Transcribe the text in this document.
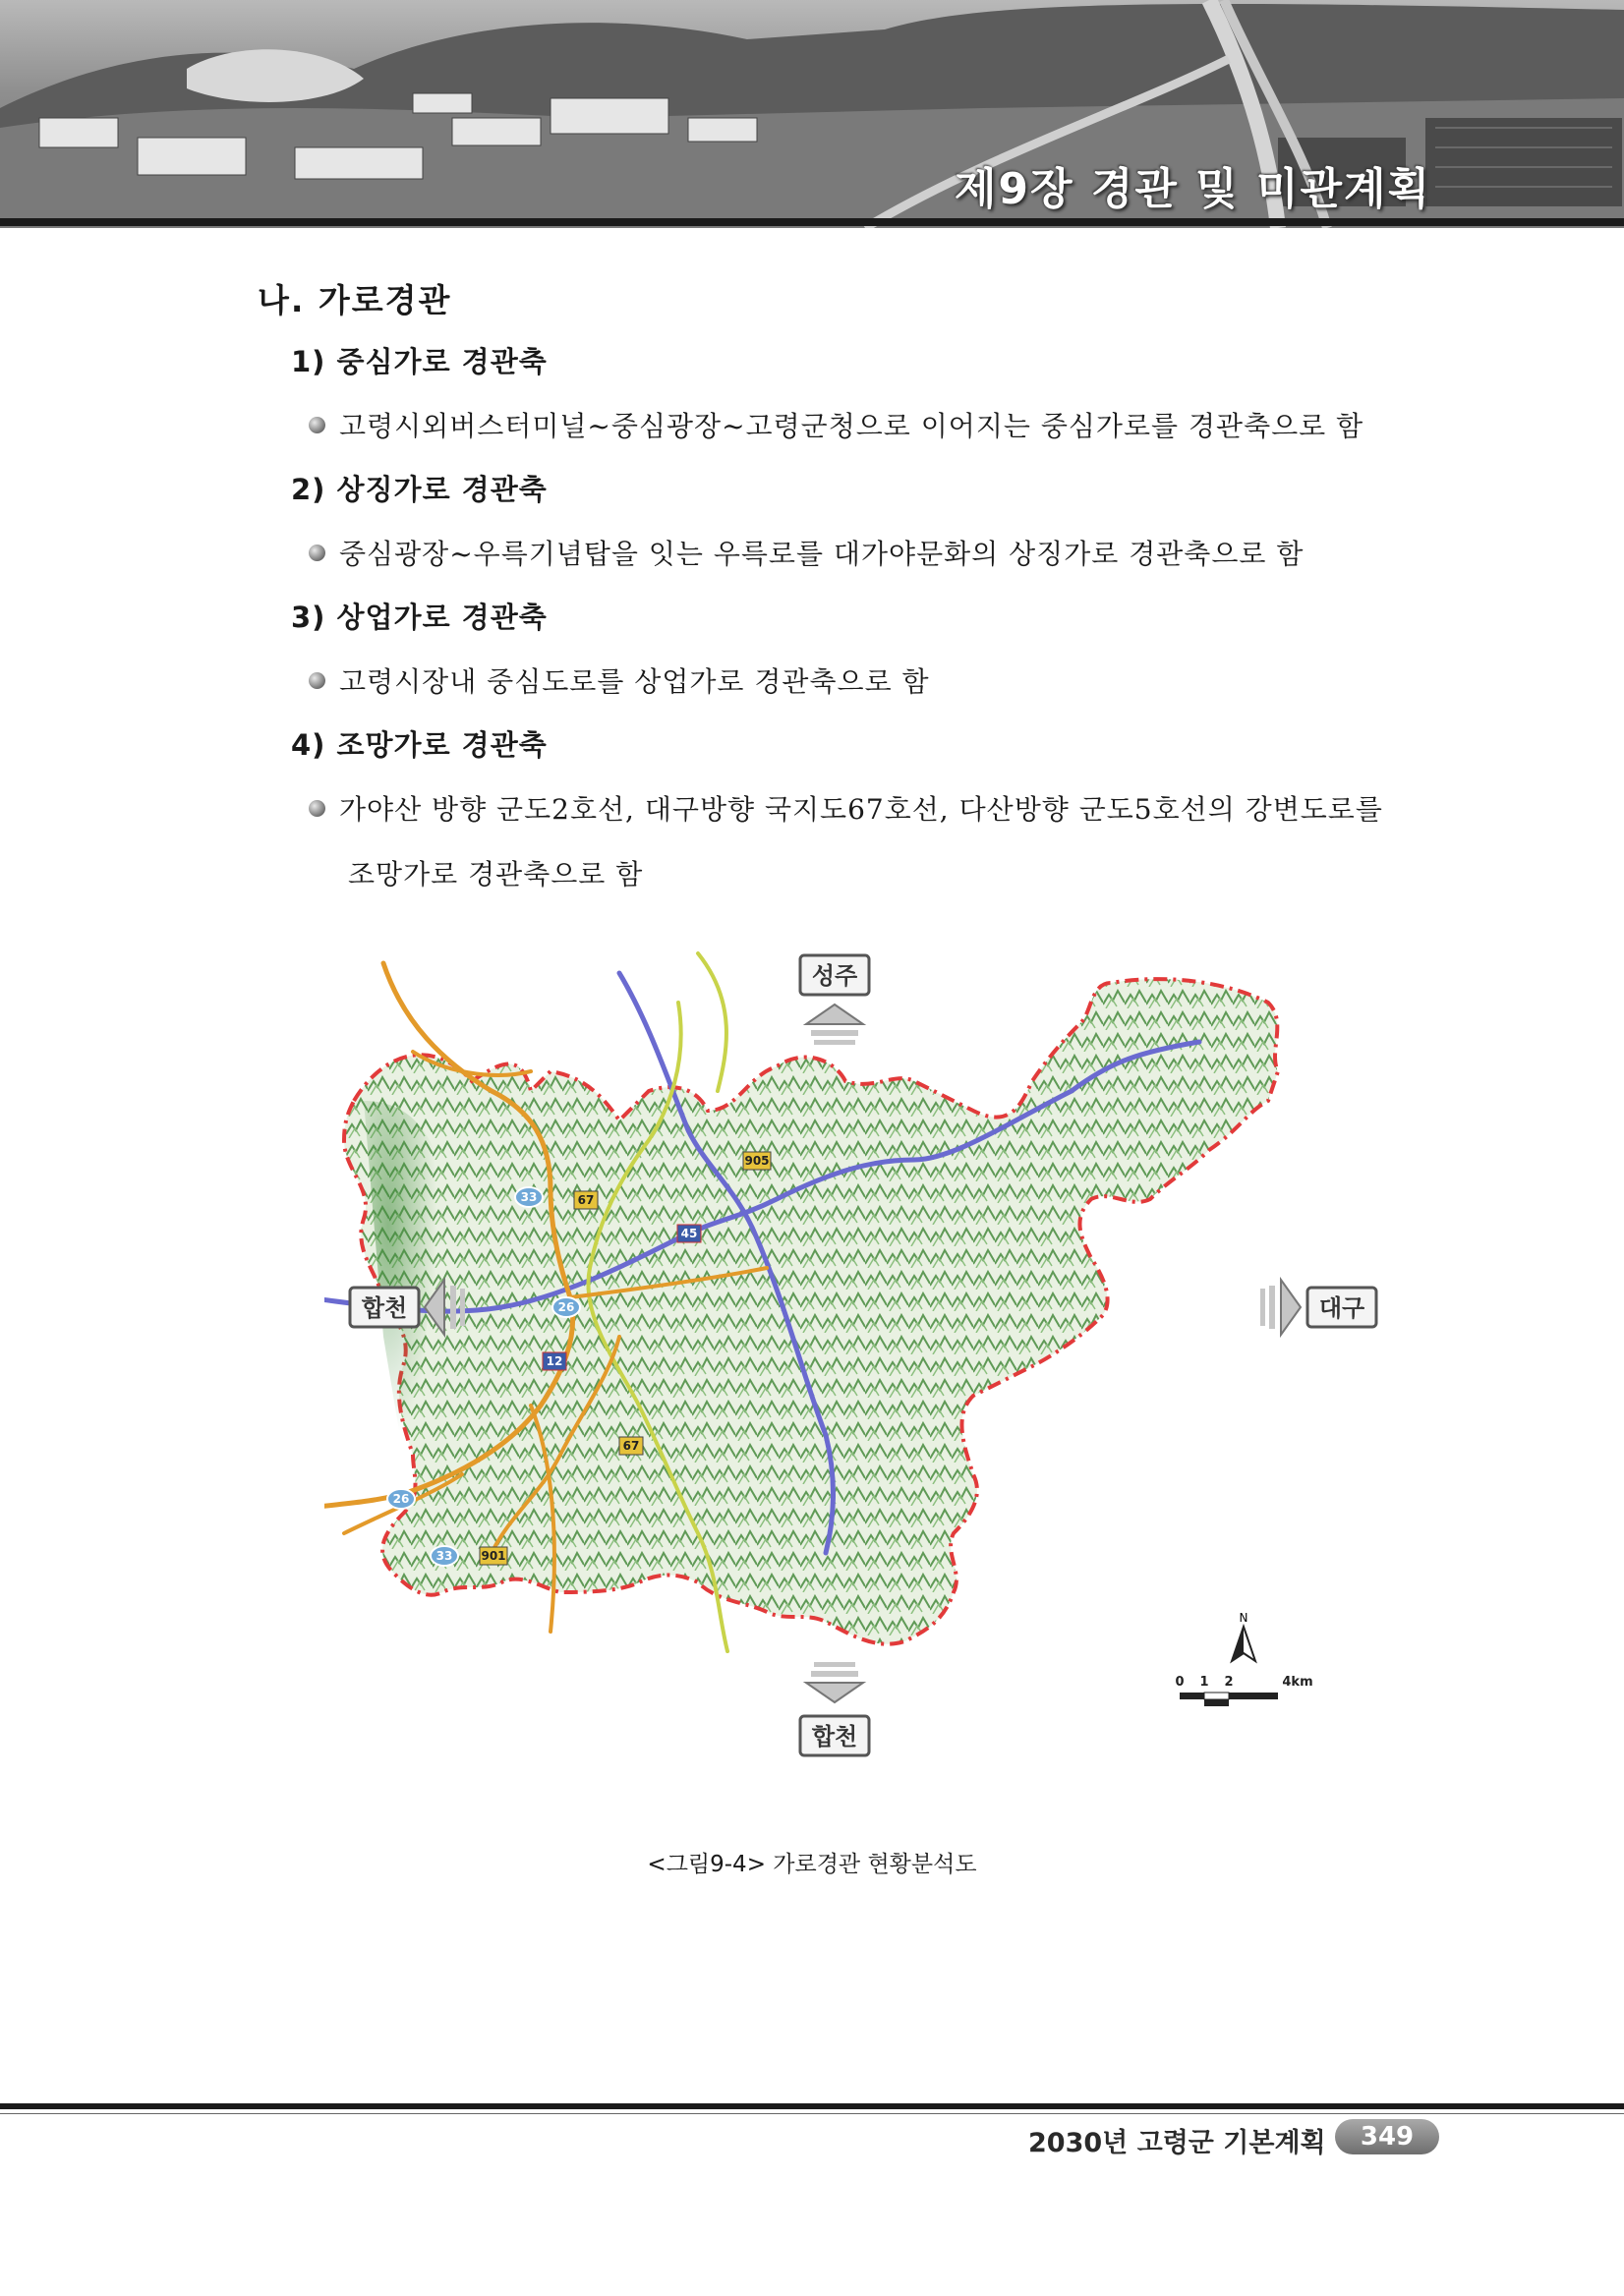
제9장 경관 및 미관계획
나. 가로경관
1) 중심가로 경관축
고령시외버스터미널~중심광장~고령군청으로 이어지는 중심가로를 경관축으로 함
2) 상징가로 경관축
중심광장~우륵기념탑을 잇는 우륵로를 대가야문화의 상징가로 경관축으로 함
3) 상업가로 경관축
고령시장내 중심도로를 상업가로 경관축으로 함
4) 조망가로 경관축
가야산 방향 군도2호선, 대구방향 국지도67호선, 다산방향 군도5호선의 강변도로를
조망가로 경관축으로 함
33	67
905
45
26
12
67
26
33 901
성주
합천	대구
합천
N
0 1 2	4km
<그림9-4> 가로경관 현황분석도
2030년 고령군 기본계획	349
